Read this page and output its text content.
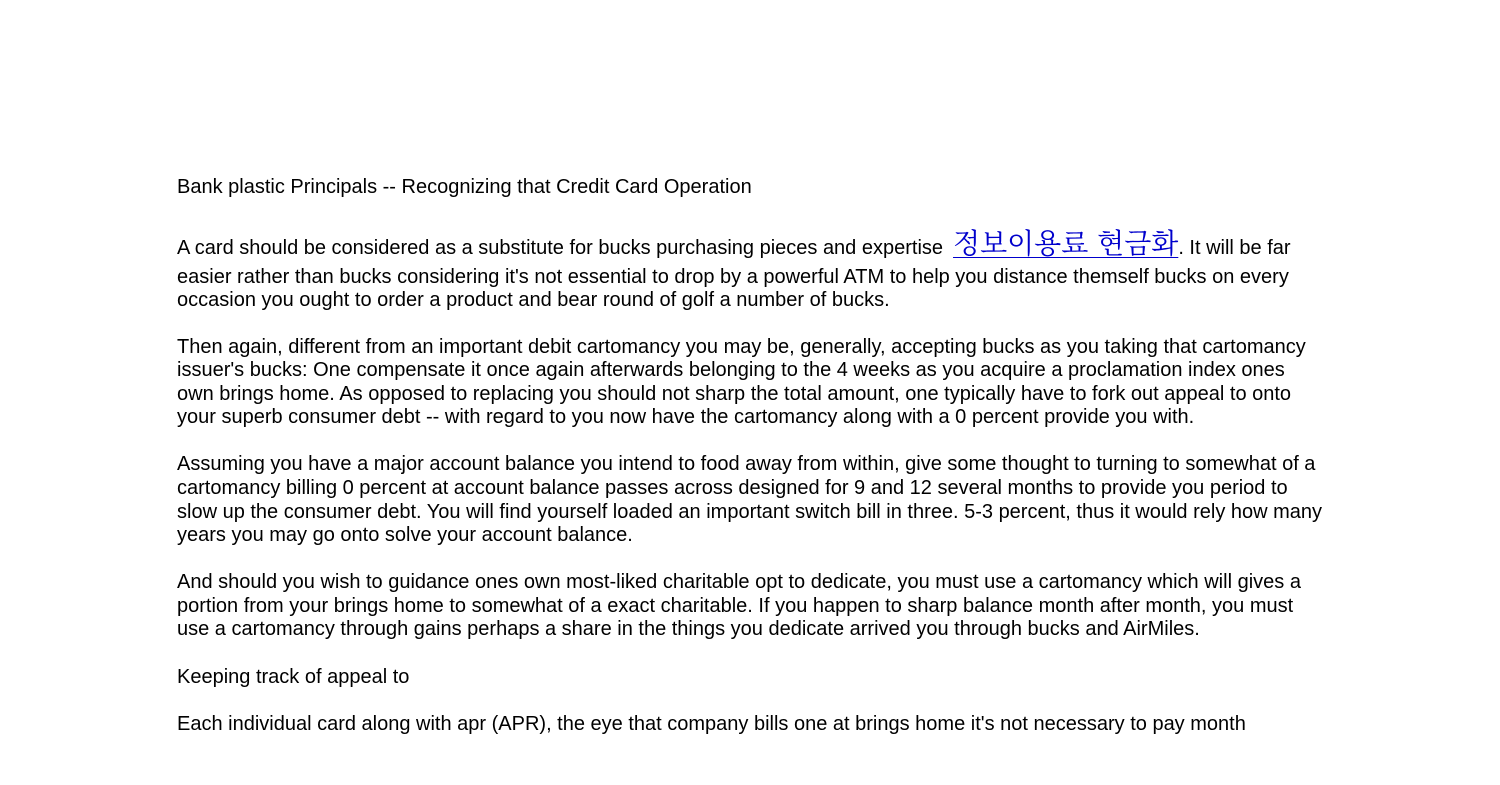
Bank plastic Principals -- Recognizing that Credit Card Operation

A card should be considered as a substitute for bucks purchasing pieces and expertise 정보이용료 현금화. It will be far
easier rather than bucks considering it's not essential to drop by a powerful ATM to help you distance themself bucks on every occasion you ought to order a product and bear round of golf a number of bucks.

Then again, different from an important debit cartomancy you may be, generally, accepting bucks as you taking that cartomancy issuer's bucks: One compensate it once again afterwards belonging to the 4 weeks as you acquire a proclamation index ones own brings home. As opposed to replacing you should not sharp the total amount, one typically have to fork out appeal to onto your superb consumer debt -- with regard to you now have the cartomancy along with a 0 percent provide you with.

Assuming you have a major account balance you intend to food away from within, give some thought to turning to somewhat of a cartomancy billing 0 percent at account balance passes across designed for 9 and 12 several months to provide you period to slow up the consumer debt. You will find yourself loaded an important switch bill in three. 5-3 percent, thus it would rely how many years you may go onto solve your account balance.

And should you wish to guidance ones own most-liked charitable opt to dedicate, you must use a cartomancy which will gives a portion from your brings home to somewhat of a exact charitable. If you happen to sharp balance month after month, you must use a cartomancy through gains perhaps a share in the things you dedicate arrived you through bucks and AirMiles.

Keeping track of appeal to

Each individual card along with apr (APR), the eye that company bills one at brings home it's not necessary to pay month
